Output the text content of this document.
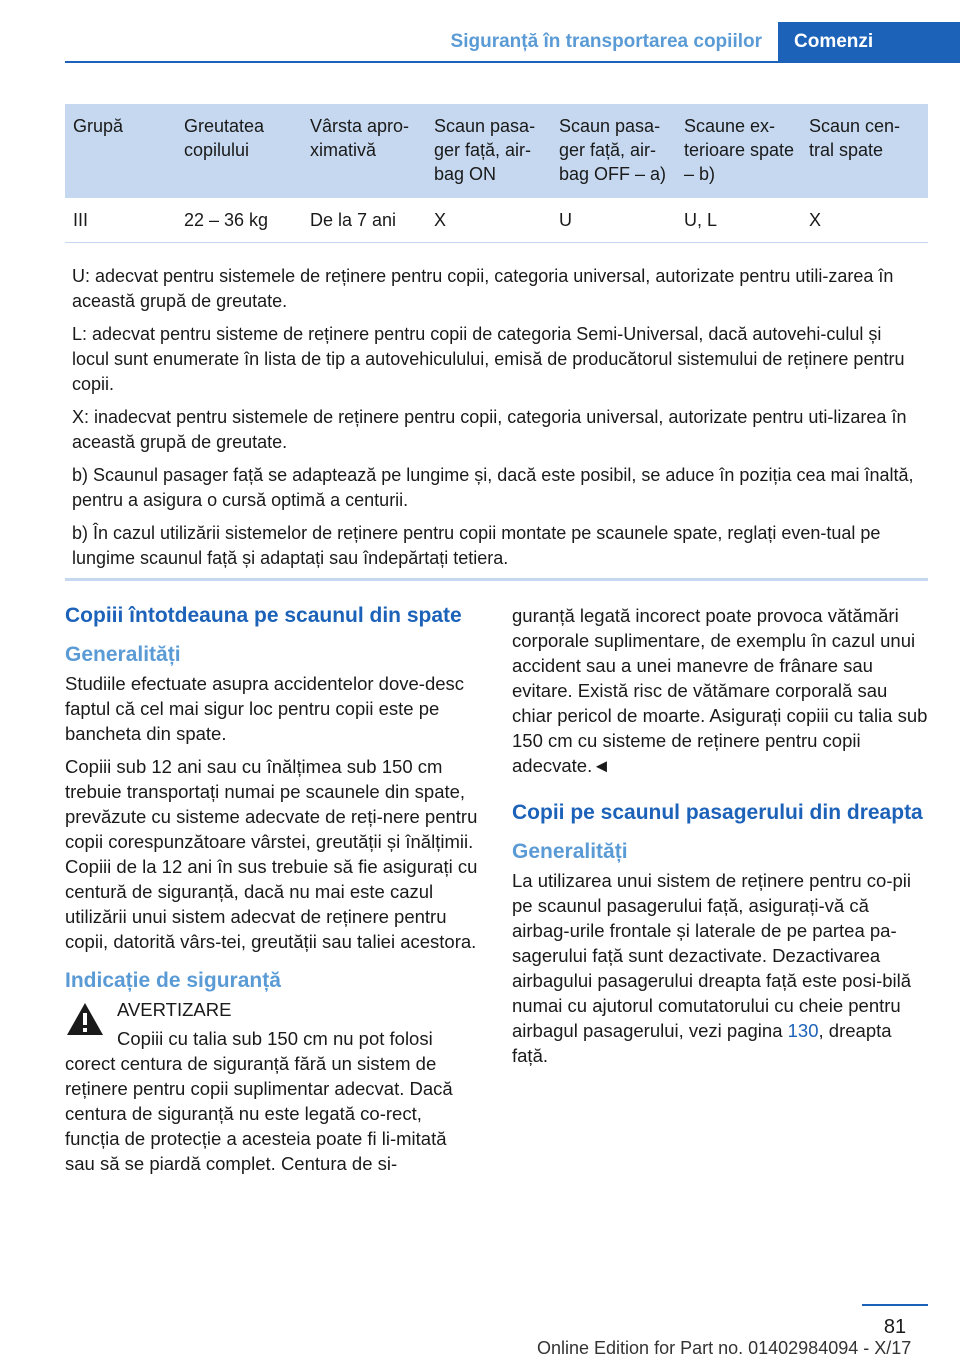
Siguranță în transportarea copiilor	Comenzi
Grupă	Greutatea copilului	Vârsta apro-ximativă	Scaun pasa-ger față, air-bag ON	Scaun pasa-ger față, air-bag OFF – a)	Scaune ex-terioare spate – b)	Scaun cen-tral spate
III	22 – 36 kg	De la 7 ani	X	U	U, L	X

U: adecvat pentru sistemele de reținere pentru copii, categoria universal, autorizate pentru utili-zarea în această grupă de greutate.

L: adecvat pentru sisteme de reținere pentru copii de categoria Semi-Universal, dacă autovehi-culul și locul sunt enumerate în lista de tip a autovehiculului, emisă de producătorul sistemului de reținere pentru copii.

X: inadecvat pentru sistemele de reținere pentru copii, categoria universal, autorizate pentru uti-lizarea în această grupă de greutate.

b) Scaunul pasager față se adaptează pe lungime și, dacă este posibil, se aduce în poziția cea mai înaltă, pentru a asigura o cursă optimă a centurii.

b) În cazul utilizării sistemelor de reținere pentru copii montate pe scaunele spate, reglați even-tual pe lungime scaunul față și adaptați sau îndepărtați tetiera.

Copiii întotdeauna pe scaunul din spate
Generalități

Studiile efectuate asupra accidentelor dove-desc faptul că cel mai sigur loc pentru copii este pe bancheta din spate.

Copiii sub 12 ani sau cu înălțimea sub 150 cm trebuie transportați numai pe scaunele din spate, prevăzute cu sisteme adecvate de reți-nere pentru copii corespunzătoare vârstei, greutății și înălțimii. Copiii de la 12 ani în sus trebuie să fie asigurați cu centură de siguranță, dacă nu mai este cazul utilizării unui sistem adecvat de reținere pentru copii, datorită vârs-tei, greutății sau taliei acestora.

Indicație de siguranță
AVERTIZARE

Copiii cu talia sub 150 cm nu pot folosi corect centura de siguranță fără un sistem de reținere pentru copii suplimentar adecvat. Dacă centura de siguranță nu este legată co-rect, funcția de protecție a acesteia poate fi li-mitată sau să se piardă complet. Centura de si-

guranță legată incorect poate provoca vătămări corporale suplimentare, de exemplu în cazul unui accident sau a unei manevre de frânare sau evitare. Există risc de vătămare corporală sau chiar pericol de moarte. Asigurați copiii cu talia sub 150 cm cu sisteme de reținere pentru copii adecvate.◄

Copii pe scaunul pasagerului din dreapta
Generalități

La utilizarea unui sistem de reținere pentru co-pii pe scaunul pasagerului față, asigurați-vă că airbag-urile frontale și laterale de pe partea pa-sagerului față sunt dezactivate. Dezactivarea airbagului pasagerului dreapta față este posi-bilă numai cu ajutorul comutatorului cu cheie pentru airbagul pasagerului, vezi pagina 130, dreapta față.

81
Online Edition for Part no. 01402984094 - X/17
